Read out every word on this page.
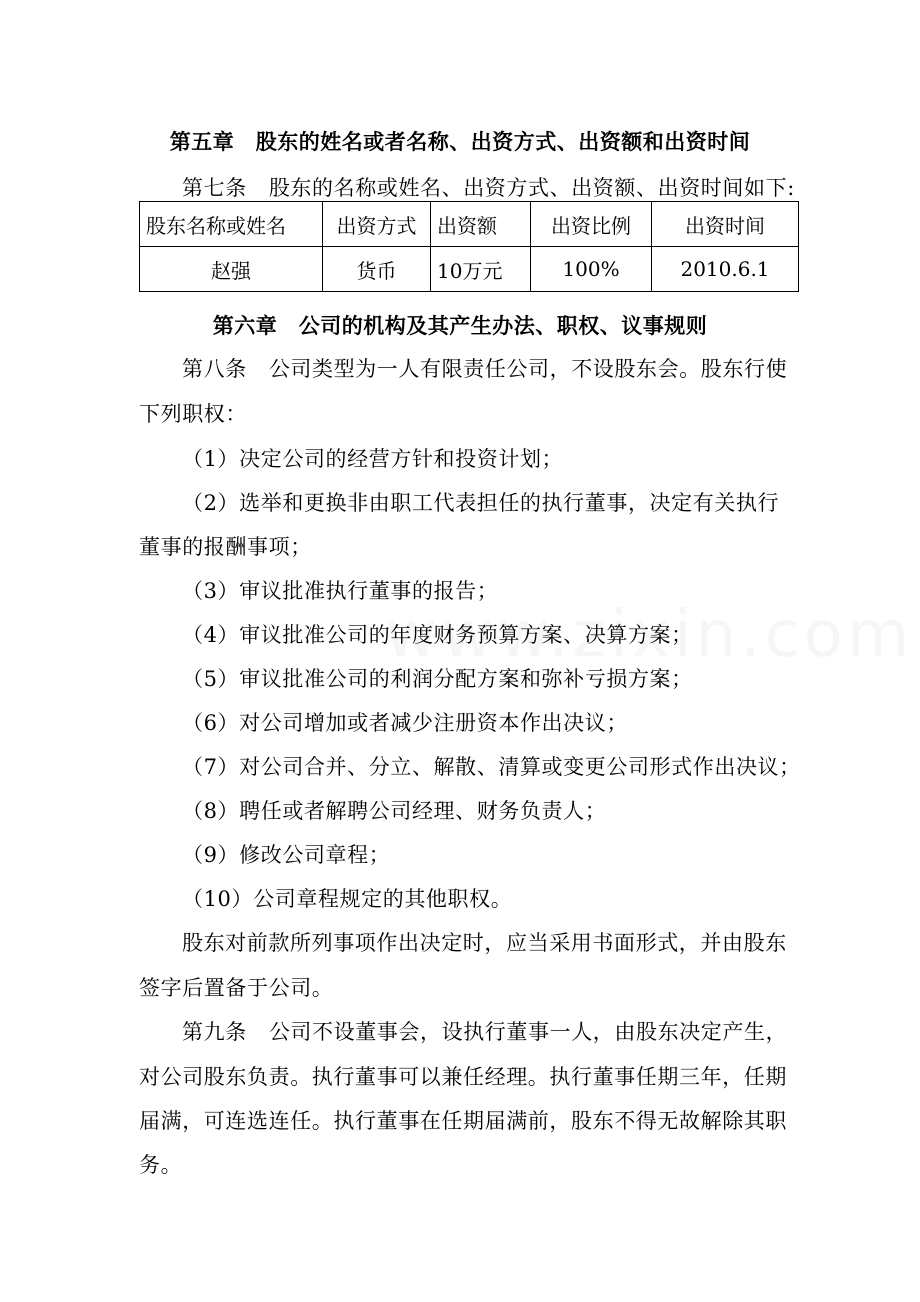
第五章　股东的姓名或者名称、出资方式、出资额和出资时间
第七条 股东的名称或姓名、出资方式、出资额、出资时间如下:
股东名称或姓名	出资方式	出资额	出资比例	出资时间
赵强	货币	10万元	100%	2010.6.1
第六章　公司的机构及其产生办法、职权、议事规则
第八条 公司类型为一人有限责任公司，不设股东会。股东行使
下列职权：
（1）决定公司的经营方针和投资计划；
（2）选举和更换非由职工代表担任的执行董事，决定有关执行
董事的报酬事项；
（3）审议批准执行董事的报告；
（4）审议批准公司的年度财务预算方案、决算方案；
（5）审议批准公司的利润分配方案和弥补亏损方案；
（6）对公司增加或者减少注册资本作出决议；
（7）对公司合并、分立、解散、清算或变更公司形式作出决议；
（8）聘任或者解聘公司经理、财务负责人；
（9）修改公司章程；
（10）公司章程规定的其他职权。
股东对前款所列事项作出决定时，应当采用书面形式，并由股东
签字后置备于公司。
第九条 公司不设董事会，设执行董事一人，由股东决定产生，
对公司股东负责。执行董事可以兼任经理。执行董事任期三年，任期
届满，可连选连任。执行董事在任期届满前，股东不得无故解除其职
务。
